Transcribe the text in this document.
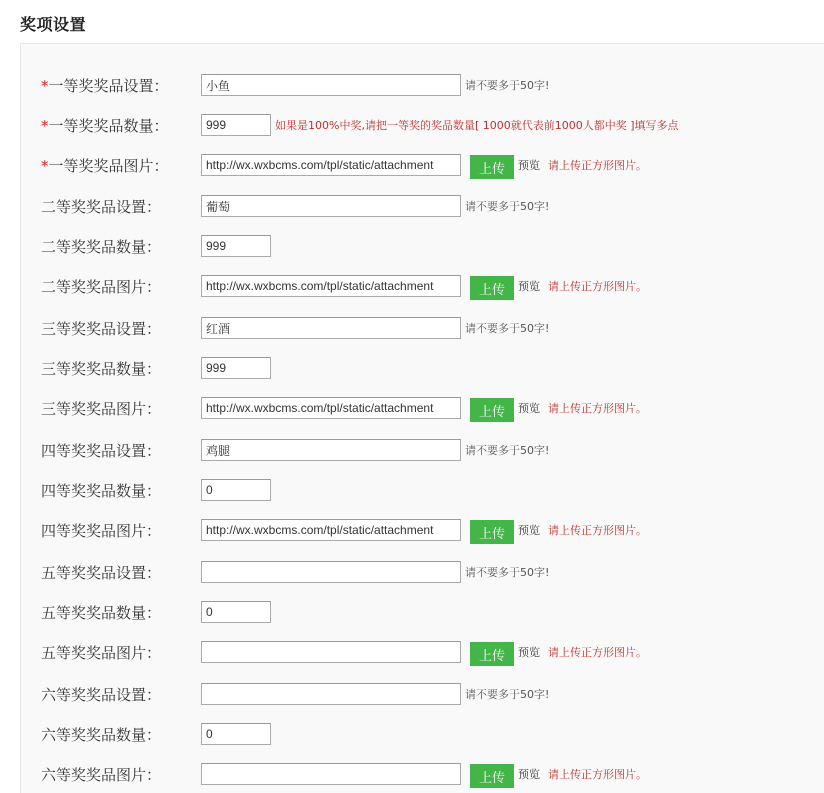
奖项设置
*一等奖奖品设置：
小鱼	请不要多于50字!
*一等奖奖品数量：
999	如果是100%中奖,请把一等奖的奖品数量[ 1000就代表前1000人都中奖 ]填写多点
*一等奖奖品图片：
http://wx.wxbcms.com/tpl/static/attachment	上传	预览 请上传正方形图片。
二等奖奖品设置：
葡萄	请不要多于50字!
二等奖奖品数量：
999
二等奖奖品图片：
http://wx.wxbcms.com/tpl/static/attachment	上传	预览 请上传正方形图片。
三等奖奖品设置：
红酒	请不要多于50字!
三等奖奖品数量：
999
三等奖奖品图片：
http://wx.wxbcms.com/tpl/static/attachment	上传	预览 请上传正方形图片。
四等奖奖品设置：
鸡腿	请不要多于50字!
四等奖奖品数量：
0
四等奖奖品图片：
http://wx.wxbcms.com/tpl/static/attachment	上传	预览 请上传正方形图片。
五等奖奖品设置：	请不要多于50字!
五等奖奖品数量：
0
五等奖奖品图片：	上传	预览 请上传正方形图片。
六等奖奖品设置：	请不要多于50字!
六等奖奖品数量：
0
六等奖奖品图片：	上传	预览 请上传正方形图片。
